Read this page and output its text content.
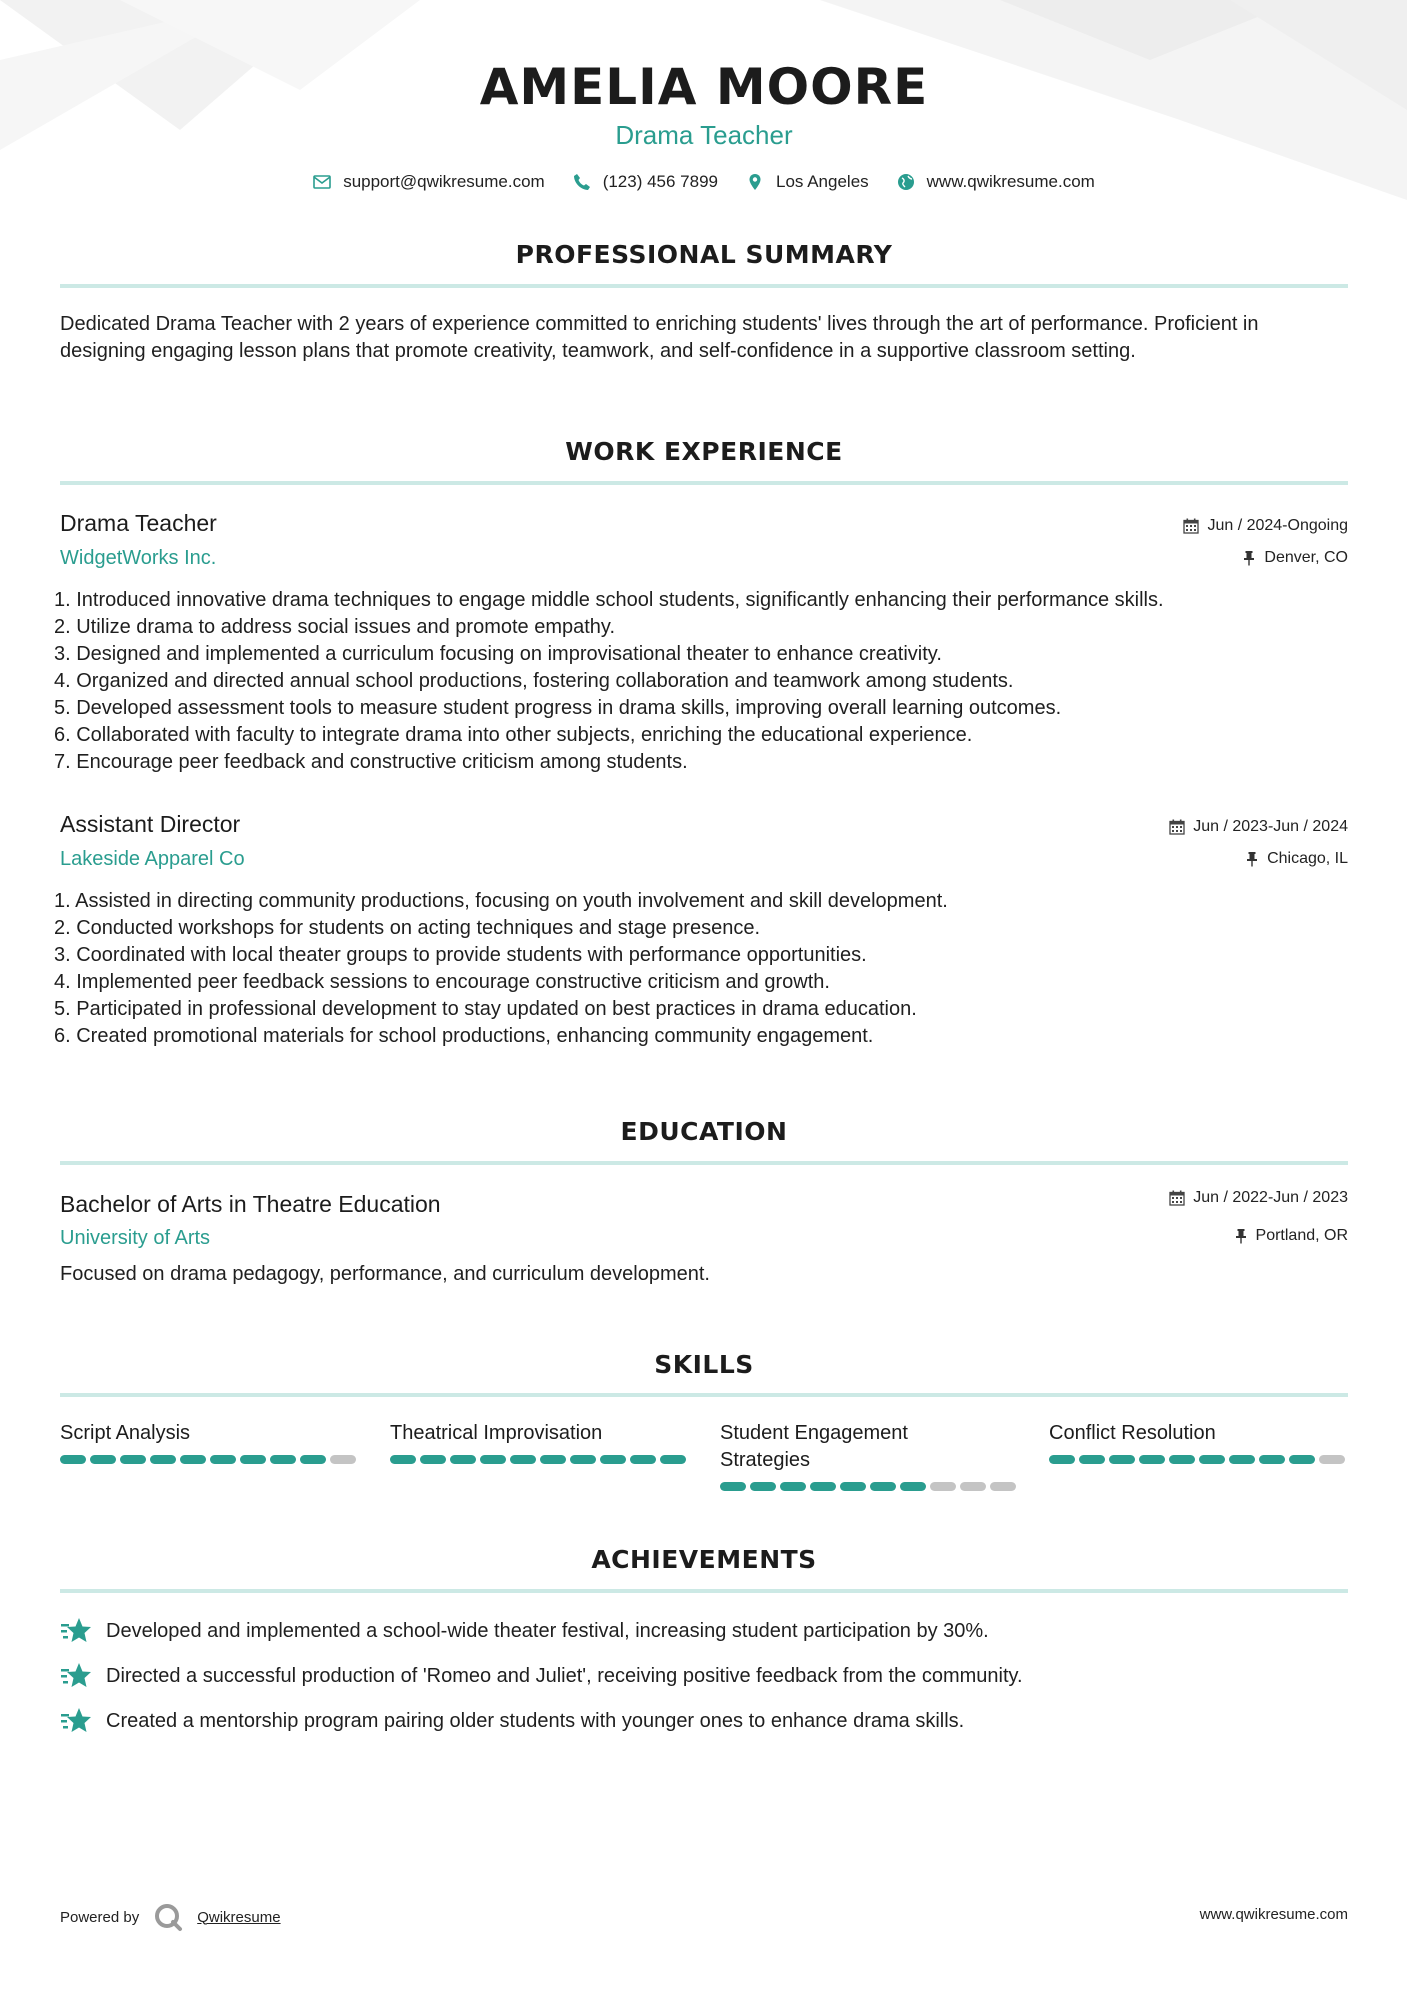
AMELIA MOORE
Drama Teacher
support@qwikresume.com	(123) 456 7899	Los Angeles	www.qwikresume.com
PROFESSIONAL SUMMARY
Dedicated Drama Teacher with 2 years of experience committed to enriching students' lives through the art of performance. Proficient in designing engaging lesson plans that promote creativity, teamwork, and self-confidence in a supportive classroom setting.
WORK EXPERIENCE
Drama Teacher
WidgetWorks Inc.
Jun / 2024-Ongoing
Denver, CO
1. Introduced innovative drama techniques to engage middle school students, significantly enhancing their performance skills.
2. Utilize drama to address social issues and promote empathy.
3. Designed and implemented a curriculum focusing on improvisational theater to enhance creativity.
4. Organized and directed annual school productions, fostering collaboration and teamwork among students.
5. Developed assessment tools to measure student progress in drama skills, improving overall learning outcomes.
6. Collaborated with faculty to integrate drama into other subjects, enriching the educational experience.
7. Encourage peer feedback and constructive criticism among students.
Assistant Director
Lakeside Apparel Co
Jun / 2023-Jun / 2024
Chicago, IL
1. Assisted in directing community productions, focusing on youth involvement and skill development.
2. Conducted workshops for students on acting techniques and stage presence.
3. Coordinated with local theater groups to provide students with performance opportunities.
4. Implemented peer feedback sessions to encourage constructive criticism and growth.
5. Participated in professional development to stay updated on best practices in drama education.
6. Created promotional materials for school productions, enhancing community engagement.
EDUCATION
Bachelor of Arts in Theatre Education
University of Arts
Jun / 2022-Jun / 2023
Portland, OR
Focused on drama pedagogy, performance, and curriculum development.
SKILLS
Script Analysis	Theatrical Improvisation	Student Engagement Strategies
Conflict Resolution
ACHIEVEMENTS
Developed and implemented a school-wide theater festival, increasing student participation by 30%.
Directed a successful production of 'Romeo and Juliet', receiving positive feedback from the community.
Created a mentorship program pairing older students with younger ones to enhance drama skills.
Powered by	Qwikresume	www.qwikresume.com
